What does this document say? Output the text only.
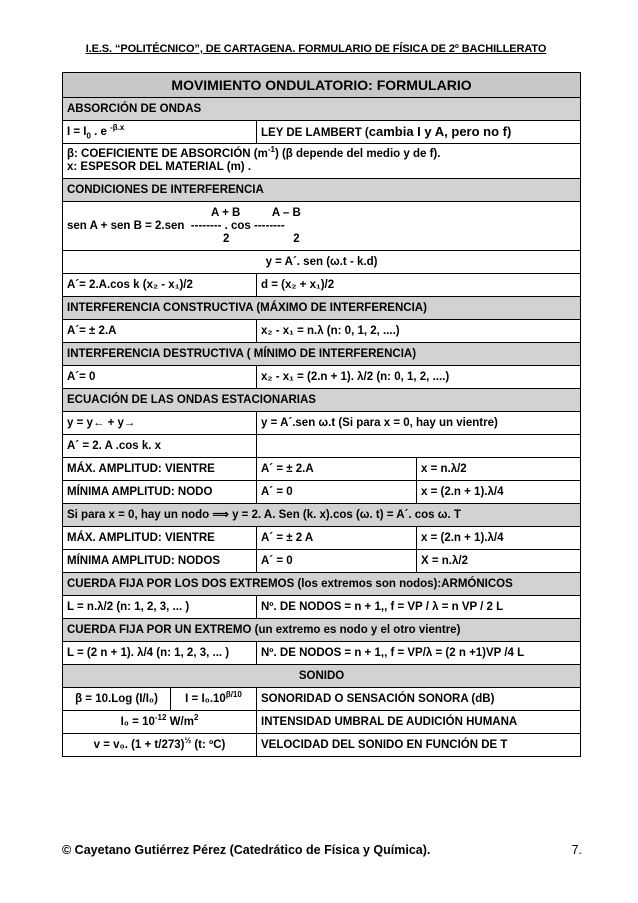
I.E.S. “POLITÉCNICO”, DE CARTAGENA. FORMULARIO DE FÍSICA DE 2º BACHILLERATO
MOVIMIENTO ONDULATORIO: FORMULARIO			
ABSORCIÓN DE ONDAS			
$I = I_0$ . e $^{-\beta.x}$		LEY DE LAMBERT (cambia I y A, pero no f)	
β: COEFICIENTE DE ABSORCIÓN $(m^{-1})$ (β depende del medio y de f).
x: ESPESOR DEL MATERIAL (m) .			
CONDICIONES DE INTERFERENCIA			

A + B          A – B
sen A + sen B = 2.sen  -------- . cos --------
2                    2			

y = A´. sen (ω.t - k.d)			
A´= 2.A.cos k (x₂ - x₁)/2		d = (x₂ + x₁)/2	
INTERFERENCIA CONSTRUCTIVA (MÁXIMO DE INTERFERENCIA)			
A´= ± 2.A		x₂ - x₁ = n.λ (n: 0, 1, 2, ....)	
INTERFERENCIA DESTRUCTIVA ( MÍNIMO DE INTERFERENCIA)			
A´= 0		x₂ - x₁ = (2.n + 1). λ/2 (n: 0, 1, 2, ....)	
ECUACIÓN DE LAS ONDAS ESTACIONARIAS			
y = y← + y→		y = A´.sen ω.t (Si para x = 0, hay un vientre)	
A´ = 2. A .cos k. x			
MÁX. AMPLITUD: VIENTRE		A´ = ± 2.A	x = n.λ/2
MÍNIMA AMPLITUD: NODO		A´ = 0	x = (2.n + 1).λ/4
Si para x = 0, hay un nodo ⟹ y = 2. A. Sen (k. x).cos (ω. t) = A´. cos ω. T			
MÁX. AMPLITUD: VIENTRE		A´ = ± 2 A	x = (2.n + 1).λ/4
MÍNIMA AMPLITUD: NODOS		A´ = 0	X = n.λ/2
CUERDA FIJA POR LOS DOS EXTREMOS (los extremos son nodos):ARMÓNICOS			
L = n.λ/2 (n: 1, 2, 3, ... )		Nº. DE NODOS = n + 1,, f = VP / λ = n VP / 2 L	
CUERDA FIJA POR UN EXTREMO (un extremo es nodo y el otro vientre)			
L = (2 n + 1). λ/4 (n: 1, 2, 3, ... )		Nº. DE NODOS = n + 1,, f = VP/λ = (2 n +1)VP /4 L	
SONIDO			
β = 10.Log (I/I₀)	$I = I_0.10^{\beta/10}$	SONORIDAD O SENSACIÓN SONORA (dB)	
$I_0 = 10^{-12}$ $W/m^2$		INTENSIDAD UMBRAL DE AUDICIÓN HUMANA	
v = v₀. $(1 + t/273)^{\frac{1}{2}}$ (t: ºC)		VELOCIDAD DEL SONIDO EN FUNCIÓN DE T	
© Cayetano Gutiérrez Pérez (Catedrático de Física y Química).	7.
